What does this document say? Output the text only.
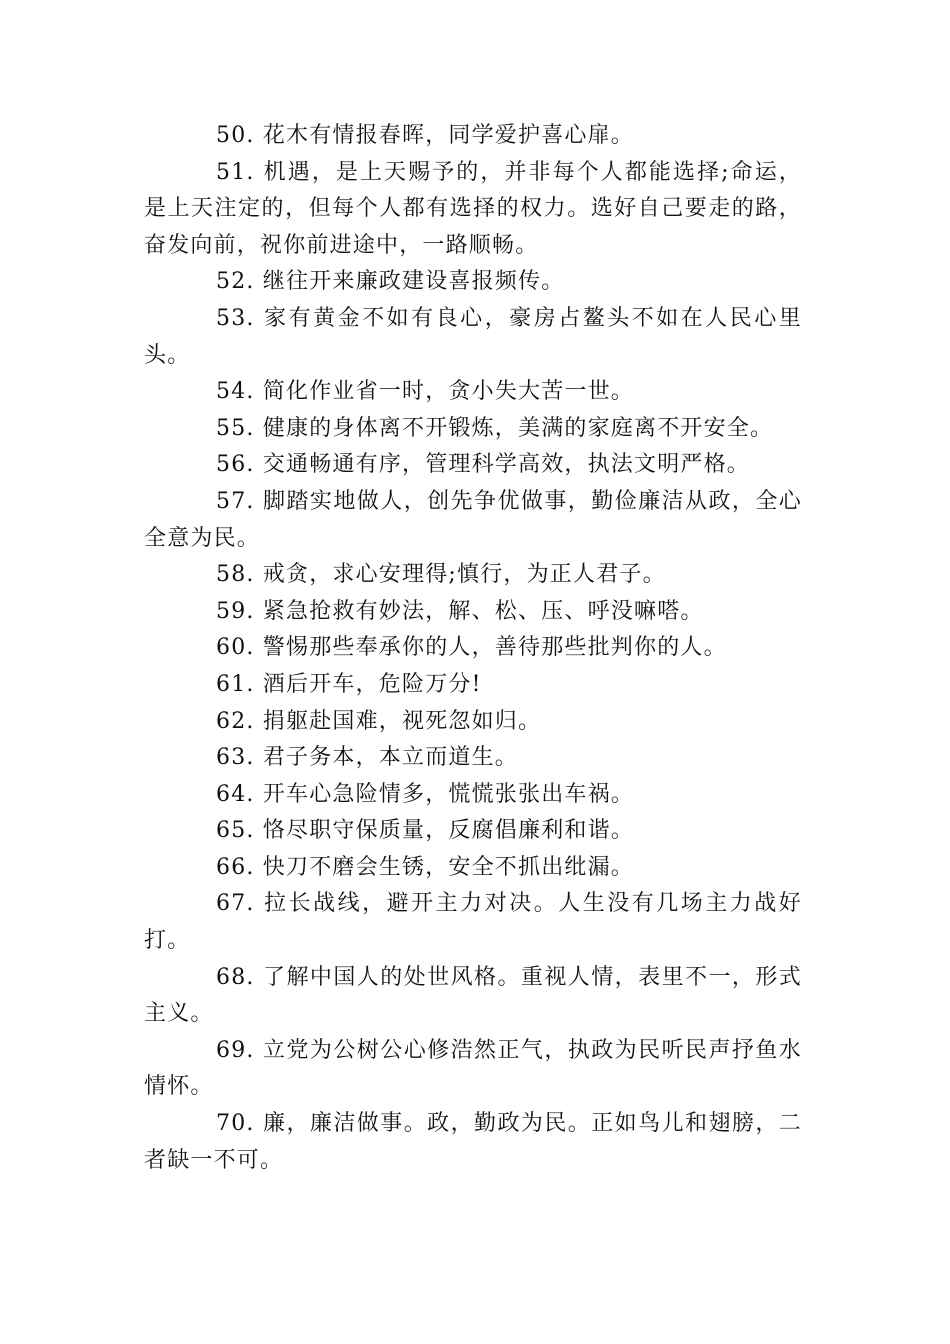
50. 花木有情报春晖，同学爱护喜心扉。

51. 机遇，是上天赐予的，并非每个人都能选择;命运，是上天注定的，但每个人都有选择的权力。选好自己要走的路，奋发向前，祝你前进途中，一路顺畅。

52. 继往开来廉政建设喜报频传。

53. 家有黄金不如有良心，豪房占鳌头不如在人民心里头。

54. 简化作业省一时，贪小失大苦一世。

55. 健康的身体离不开锻炼，美满的家庭离不开安全。

56. 交通畅通有序，管理科学高效，执法文明严格。

57. 脚踏实地做人，创先争优做事，勤俭廉洁从政，全心全意为民。

58. 戒贪，求心安理得;慎行，为正人君子。

59. 紧急抢救有妙法，解、松、压、呼没嘛嗒。

60. 警惕那些奉承你的人，善待那些批判你的人。

61. 酒后开车，危险万分!

62. 捐躯赴国难，视死忽如归。

63. 君子务本，本立而道生。

64. 开车心急险情多，慌慌张张出车祸。

65. 恪尽职守保质量，反腐倡廉利和谐。

66. 快刀不磨会生锈，安全不抓出纰漏。

67. 拉长战线，避开主力对决。人生没有几场主力战好打。

68. 了解中国人的处世风格。重视人情，表里不一，形式主义。

69. 立党为公树公心修浩然正气，执政为民听民声抒鱼水情怀。

70. 廉，廉洁做事。政，勤政为民。正如鸟儿和翅膀，二者缺一不可。
